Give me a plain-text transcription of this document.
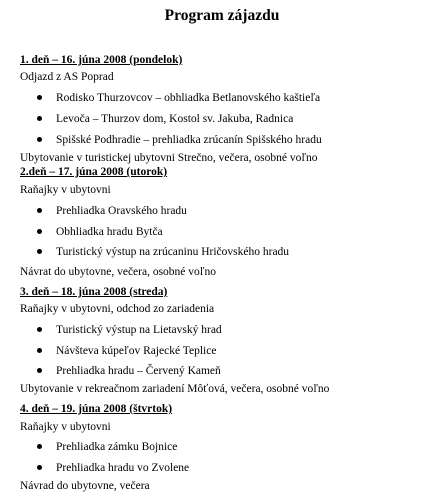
Program zájazdu
1. deň – 16. júna 2008 (pondelok)
Odjazd z AS Poprad
Rodisko Thurzovcov – obhliadka Betlanovského kaštieľa
Levoča – Thurzov dom, Kostol sv. Jakuba, Radnica
Spišské Podhradie – prehliadka zrúcanín Spišského hradu
Ubytovanie v turistickej ubytovni Strečno, večera, osobné voľno
2.deň – 17. júna 2008 (utorok)
Raňajky v ubytovni
Prehliadka Oravského hradu
Obhliadka hradu Bytča
Turistický výstup na zrúcaninu Hričovského hradu
Návrat do ubytovne, večera, osobné voľno
3. deň – 18. júna 2008 (streda)
Raňajky v ubytovni, odchod zo zariadenia
Turistický výstup na Lietavský hrad
Návšteva kúpeľov Rajecké Teplice
Prehliadka hradu – Červený Kameň
Ubytovanie v rekreačnom zariadení Môťová, večera, osobné voľno
4. deň – 19. júna 2008 (štvrtok)
Raňajky v ubytovni
Prehliadka zámku Bojnice
Prehliadka hradu vo Zvolene
Návrad do ubytovne, večera
